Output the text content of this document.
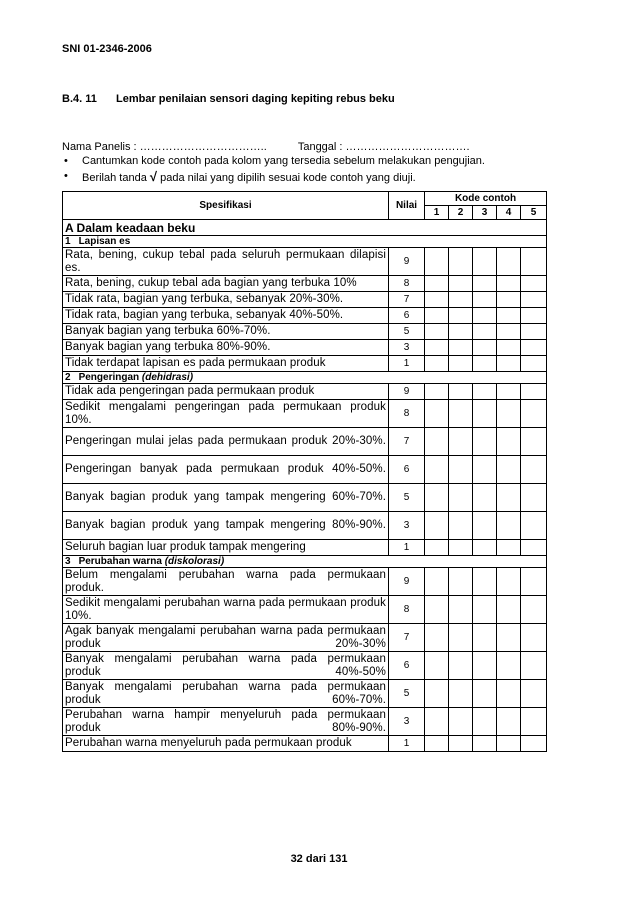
SNI 01-2346-2006
B.4. 11 Lembar penilaian sensori daging kepiting rebus beku
Nama Panelis : ……………………………..	Tanggal : …………………………….
• Cantumkan kode contoh pada kolom yang tersedia sebelum melakukan pengujian.
• Berilah tanda √ pada nilai yang dipilih sesuai kode contoh yang diuji.
Spesifikasi	Nilai	Kode contoh				
		1	2	3	4	5
A Dalam keadaan beku						
1 Lapisan es						
Rata, bening, cukup tebal pada seluruh permukaan dilapisi es.	9					
Rata, bening, cukup tebal ada bagian yang terbuka 10%	8					
Tidak rata, bagian yang terbuka, sebanyak 20%-30%.	7					
Tidak rata, bagian yang terbuka, sebanyak 40%-50%.	6					
Banyak bagian yang terbuka 60%-70%.	5					
Banyak bagian yang terbuka 80%-90%.	3					
Tidak terdapat lapisan es pada permukaan produk	1					
2 Pengeringan (dehidrasi)						
Tidak ada pengeringan pada permukaan produk	9					
Sedikit mengalami pengeringan pada permukaan produk 10%.	8					
Pengeringan mulai jelas pada permukaan produk 20%-30%.	7					
Pengeringan banyak pada permukaan produk 40%-50%.	6					
Banyak bagian produk yang tampak mengering 60%-70%.	5					
Banyak bagian produk yang tampak mengering 80%-90%.	3					
Seluruh bagian luar produk tampak mengering	1					
3 Perubahan warna (diskolorasi)						
Belum mengalami perubahan warna pada permukaan produk.	9					
Sedikit mengalami perubahan warna pada permukaan produk 10%.	8					
Agak banyak mengalami perubahan warna pada permukaan produk 20%-30%	7					
Banyak mengalami perubahan warna pada permukaan produk 40%-50%	6					
Banyak mengalami perubahan warna pada permukaan produk 60%-70%.	5					
Perubahan warna hampir menyeluruh pada permukaan produk 80%-90%.	3					
Perubahan warna menyeluruh pada permukaan produk	1					
32 dari 131
